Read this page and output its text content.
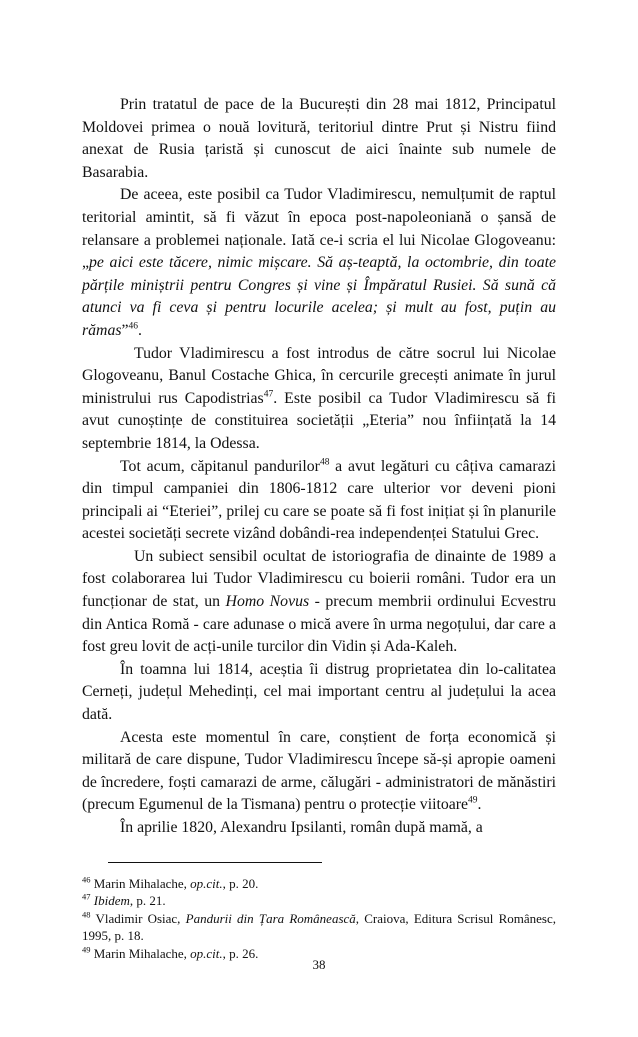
Prin tratatul de pace de la București din 28 mai 1812, Principatul Moldovei primea o nouă lovitură, teritoriul dintre Prut și Nistru fiind anexat de Rusia țaristă și cunoscut de aici înainte sub numele de Basarabia.

De aceea, este posibil ca Tudor Vladimirescu, nemulțumit de raptul teritorial amintit, să fi văzut în epoca post-napoleoniană o șansă de relansare a problemei naționale. Iată ce-i scria el lui Nicolae Glogoveanu: „pe aici este tăcere, nimic mișcare. Să aș-teaptă, la octombrie, din toate părțile miniștrii pentru Congres și vine și Împăratul Rusiei. Să sună că atunci va fi ceva și pentru locurile acelea; și mult au fost, puțin au rămas”$^{46}$.

Tudor Vladimirescu a fost introdus de către socrul lui Nicolae Glogoveanu, Banul Costache Ghica, în cercurile grecești animate în jurul ministrului rus Capodistrias$^{47}$. Este posibil ca Tudor Vladimirescu să fi avut cunoștințe de constituirea societății „Eteria” nou înființată la 14 septembrie 1814, la Odessa.

Tot acum, căpitanul pandurilor$^{48}$ a avut legături cu câțiva camarazi din timpul campaniei din 1806-1812 care ulterior vor deveni pioni principali ai “Eteriei”, prilej cu care se poate să fi fost inițiat și în planurile acestei societăți secrete vizând dobândi-rea independenței Statului Grec.

Un subiect sensibil ocultat de istoriografia de dinainte de 1989 a fost colaborarea lui Tudor Vladimirescu cu boierii români. Tudor era un funcționar de stat, un Homo Novus - precum membrii ordinului Ecvestru din Antica Romă - care adunase o mică avere în urma negoțului, dar care a fost greu lovit de acți-unile turcilor din Vidin și Ada-Kaleh.

În toamna lui 1814, aceștia îi distrug proprietatea din lo-calitatea Cerneți, județul Mehedinți, cel mai important centru al județului la acea dată.

Acesta este momentul în care, conștient de forța economică și militară de care dispune, Tudor Vladimirescu începe să-și apropie oameni de încredere, foști camarazi de arme, călugări - administratori de mănăstiri (precum Egumenul de la Tismana) pentru o protecție viitoare$^{49}$.

În aprilie 1820, Alexandru Ipsilanti, român după mamă, a

$^{46}$ Marin Mihalache, op.cit., p. 20.

$^{47}$ Ibidem, p. 21.

$^{48}$ Vladimir Osiac, Pandurii din Țara Românească, Craiova, Editura Scrisul Românesc, 1995, p. 18.

$^{49}$ Marin Mihalache, op.cit., p. 26.

38
